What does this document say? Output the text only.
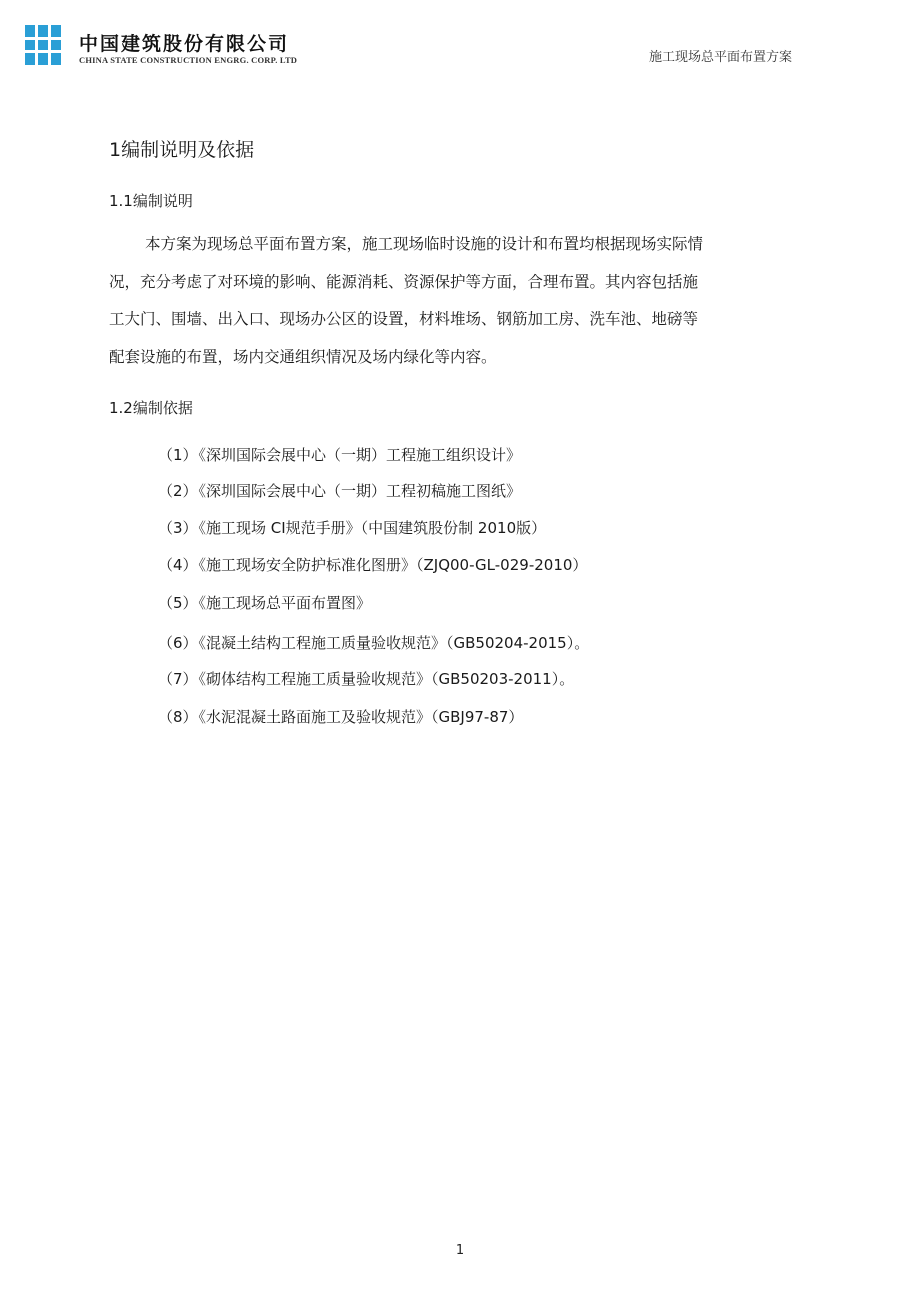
中国建筑股份有限公司
CHINA STATE CONSTRUCTION ENGRG. CORP. LTD	施工现场总平面布置方案
1编制说明及依据
1.1编制说明
本方案为现场总平面布置方案，施工现场临时设施的设计和布置均根据现场实际情
况，充分考虑了对环境的影响、能源消耗、资源保护等方面，合理布置。其内容包括施
工大门、围墙、出入口、现场办公区的设置，材料堆场、钢筋加工房、洗车池、地磅等
配套设施的布置，场内交通组织情况及场内绿化等内容。
1.2编制依据
（1）《深圳国际会展中心（一期）工程施工组织设计》
（2）《深圳国际会展中心（一期）工程初稿施工图纸》
（3）《施工现场 CI规范手册》（中国建筑股份制 2010版）
（4）《施工现场安全防护标准化图册》（ZJQ00-GL-029-2010）
（5）《施工现场总平面布置图》
（6）《混凝土结构工程施工质量验收规范》（GB50204-2015）。
（7）《砌体结构工程施工质量验收规范》（GB50203-2011）。
（8）《水泥混凝土路面施工及验收规范》（GBJ97-87）
1
